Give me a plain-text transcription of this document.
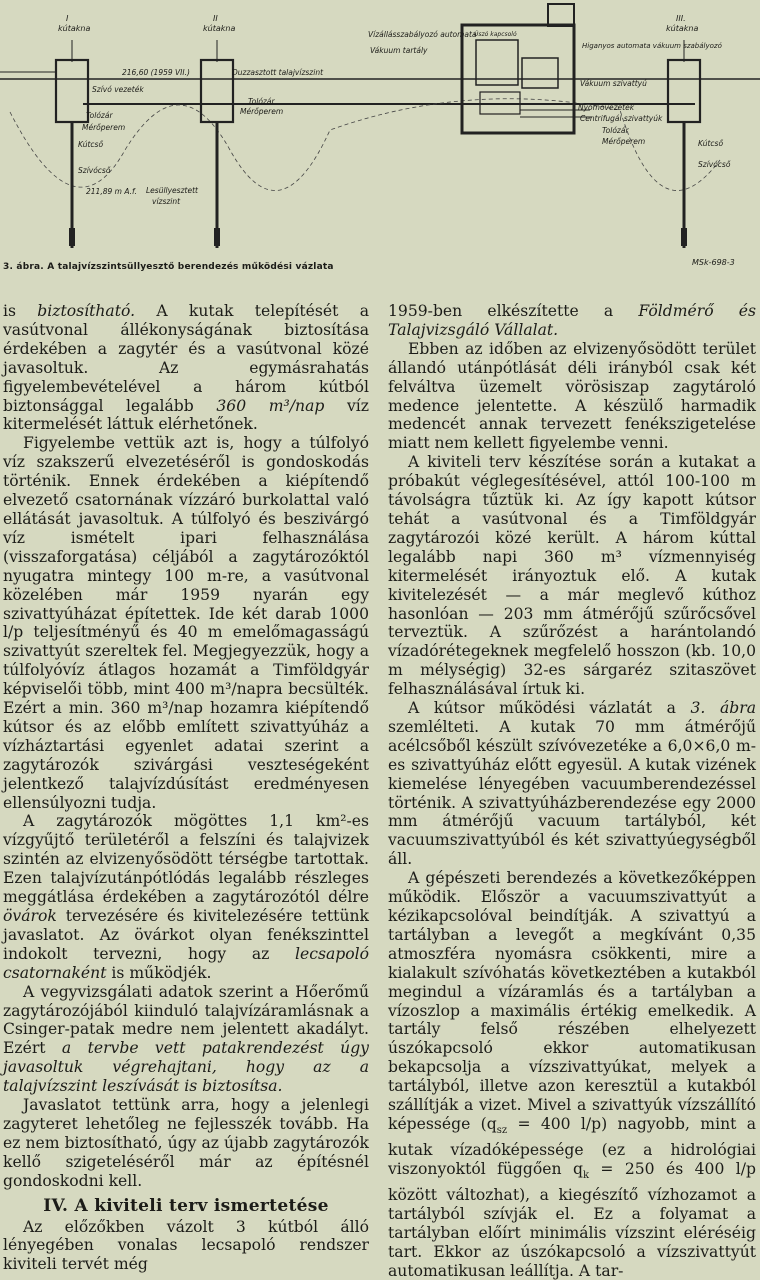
I
kútakna
II
kútakna
III.
kútakna
Vízállásszabályozó automata
Vákuum tartály
Úszó kapcsoló
Higanyos automata vákuum szabályozó
216,60 (1959 VII.)	Duzzasztott talajvízszint
Szívó vezeték
Vákuum szivattyú
Nyomóvezeték
Centrifugál szivattyúk
Tolózár
Mérőperem
Tolózár
Mérőperem
Tolózár
Mérőperem
Kútcső
Szívócső
Kútcső
Szívócső
211,89 m A.f. Lesüllyesztett
vízszint
3. ábra. A talajvízszintsüllyesztő berendezés működési vázlata	MSk-698-3

is biztosítható. A kutak telepítését a vasútvonal állékonyságának biztosítása érdekében a zagytér és a vasútvonal közé javasoltuk. Az egymásrahatás figyelembevételével a három kútból biztonsággal legalább 360 m³/nap víz kitermelését láttuk elérhetőnek.

Figyelembe vettük azt is, hogy a túlfolyó víz szakszerű elvezetéséről is gondoskodás történik. Ennek érdekében a kiépítendő elvezető csatornának vízzáró burkolattal való ellátását javasoltuk. A túlfolyó és beszivárgó víz ismételt ipari felhasználása (visszaforgatása) céljából a zagytározóktól nyugatra mintegy 100 m-re, a vasútvonal közelében már 1959 nyarán egy szivattyúházat építettek. Ide két darab 1000 l/p teljesítményű és 40 m emelőmagasságú szivattyút szereltek fel. Megjegyezzük, hogy a túlfolyóvíz átlagos hozamát a Timföldgyár képviselői több, mint 400 m³/napra becsülték. Ezért a min. 360 m³/nap hozamra kiépítendő kútsor és az előbb említett szivattyúház a vízháztartási egyenlet adatai szerint a zagytározók szivárgási veszteségeként jelentkező talajvízdúsítást eredményesen ellensúlyozni tudja.

A zagytározók mögöttes 1,1 km²-es vízgyűjtő területéről a felszíni és talajvizek szintén az elvizenyősödött térségbe tartottak. Ezen talajvízutánpótlódás legalább részleges meggátlása érdekében a zagytározótól délre övárok tervezésére és kivitelezésére tettünk javaslatot. Az övárkot olyan fenékszinttel indokolt tervezni, hogy az lecsapoló csatornaként is működjék.

A vegyvizsgálati adatok szerint a Hőerőmű zagytározójából kiinduló talajvízáramlásnak a Csinger-patak medre nem jelentett akadályt. Ezért a tervbe vett patakrendezést úgy javasoltuk végrehajtani, hogy az a talajvízszint leszívását is biztosítsa.

Javaslatot tettünk arra, hogy a jelenlegi zagyteret lehetőleg ne fejlesszék tovább. Ha ez nem biztosítható, úgy az újabb zagytározók kellő szigeteléséről már az építésnél gondoskodni kell.

IV. A kiviteli terv ismertetése

Az előzőkben vázolt 3 kútból álló lényegében vonalas lecsapoló rendszer kiviteli tervét még

1959-ben elkészítette a Földmérő és Talajvizsgáló Vállalat.

Ebben az időben az elvizenyősödött terület állandó utánpótlását déli irányból csak két felváltva üzemelt vörösiszap zagytároló medence jelentette. A készülő harmadik medencét annak tervezett fenékszigetelése miatt nem kellett figyelembe venni.

A kiviteli terv készítése során a kutakat a próbakút véglegesítésével, attól 100-100 m távolságra tűztük ki. Az így kapott kútsor tehát a vasútvonal és a Timföldgyár zagytározói közé került. A három kúttal legalább napi 360 m³ vízmennyiség kitermelését irányoztuk elő. A kutak kivitelezését — a már meglevő kúthoz hasonlóan — 203 mm átmérőjű szűrőcsővel terveztük. A szűrőzést a harántolandó vízadórétegeknek megfelelő hosszon (kb. 10,0 m mélységig) 32-es sárgaréz szitaszövet felhasználásával írtuk ki.

A kútsor működési vázlatát a 3. ábra szemlélteti. A kutak 70 mm átmérőjű acélcsőből készült szívóvezetéke a 6,0×6,0 m-es szivattyúház előtt egyesül. A kutak vizének kiemelése lényegében vacuumberendezéssel történik. A szivattyúházberendezése egy 2000 mm átmérőjű vacuum tartályból, két vacuumszivattyúból és két szivattyúegységből áll.

A gépészeti berendezés a következőképpen működik. Először a vacuumszivattyút a kézikapcsolóval beindítják. A szivattyú a tartályban a levegőt a megkívánt 0,35 atmoszféra nyomásra csökkenti, mire a kialakult szívóhatás következtében a kutakból megindul a vízáramlás és a tartályban a vízoszlop a maximális értékig emelkedik. A tartály felső részében elhelyezett úszókapcsoló ekkor automatikusan bekapcsolja a vízszivattyúkat, melyek a tartályból, illetve azon keresztül a kutakból szállítják a vizet. Mivel a szivattyúk vízszállító képessége ($q_{sz} = 400$ l/p) nagyobb, mint a kutak vízadóképessége (ez a hidrológiai viszonyoktól függően $q_k = 250$ és 400 l/p között változhat), a kiegészítő vízhozamot a tartályból szívják el. Ez a folyamat a tartályban előírt minimális vízszint eléréséig tart. Ekkor az úszókapcsoló a vízszivattyút automatikusan leállítja. A tar-
